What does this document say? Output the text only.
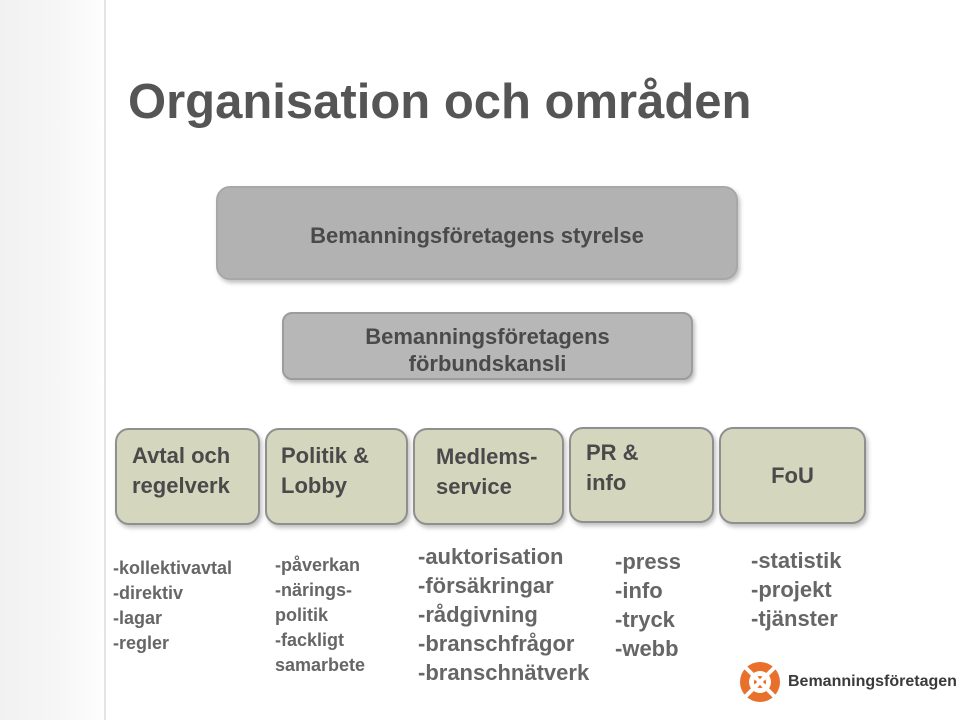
Organisation och områden
Bemanningsföretagens styrelse
Bemanningsföretagens
förbundskansli
Avtal och
regelverk
Politik &
Lobby
Medlems-
service
PR &
info	FoU
-kollektivavtal
-direktiv
-lagar
-regler
-påverkan
-närings-
politik
-fackligt
samarbete
-auktorisation
-försäkringar
-rådgivning
-branschfrågor
-branschnätverk
-press
-info
-tryck
-webb
-statistik
-projekt
-tjänster
Bemanningsföretagen
